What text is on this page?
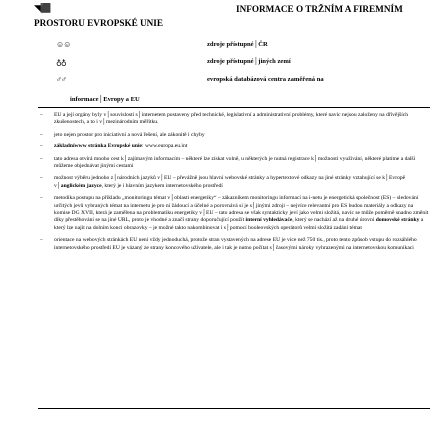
◥⬛	INFORMACE O TRŽNÍM A FIREMNÍM
PROSTORU EVROPSKÉ UNIE
☺☺	zdroje přístupné│ČR
♁♁	zdroje přístupné│jiných zemí
♂♂	evropská databázová centra zaměřená na
informace│Evropy a EU
– EU a její orgány byly v│souvislosti s│internetem postaveny před technické, legislativní a administrativní problémy, které navíc nejsou založeny na dřívějších zkušenostech, a to i v│mezinárodním měřítku.
– jeto nejen prostor pro iniciativní a nová řešení, ale zákonitě i chyby
– základníwww stránka Evropské unie: www.europa.eu.int
– tato adresa otvírá mnoho cest k│zajímavým informacím – některé lze získat volně, u některých je nutná registrace k│možnosti využívání, některé platíme a další můžeme objednávat jinými cestami
– možnost výběru jednoho z│národních jazyků v│EU – převážně jsou hlavní webovské stránky a hypertextové odkazy na jiné stránky vztahující se k│Evropě v│anglickém jazyce, který je i hlavním jazykem internetovského prostředí
– metodika postupu na příkladu „monitoringu témat v│oblasti energetiky“ – zákazníkem monitoringu informací na i-netu je energetická společnost (ES) – sledování určitých jevů vybraných témat na internetu je pro ni žádoucí a účelné a porovnává si je s│jinými zdroji – nejvíce relevantní pro ES budou materiály a odkazy na komise DG XVII, která je zaměřena na problematiku energetiky v│EU – tato adresa se však syntakticky jeví jako velmi složitá, navíc se může poměrně snadno změnit díky přestěhování se na jiné URL, proto je vhodné a značí strany doporučující použít interní vyhledávače, který se nachází až na druhé úrovni domovské stránky a který lze najít na dolním konci obrazovky – je možné takto nakombinovat i s│pomocí booleovských operátorů velmi složitá zadání témat
– orientace na webových stránkách EU není vždy jednoduchá, protože stran vystavených na adrese EU je více než 750 tis., proto tento způsob vstupu do rozsáhlého internetovského prostředí EU je vázaný ze strany koncového uživatele, ale i tak je nutno počítat s│časovými nároky vyhrazenými na internetovskou komunikaci
